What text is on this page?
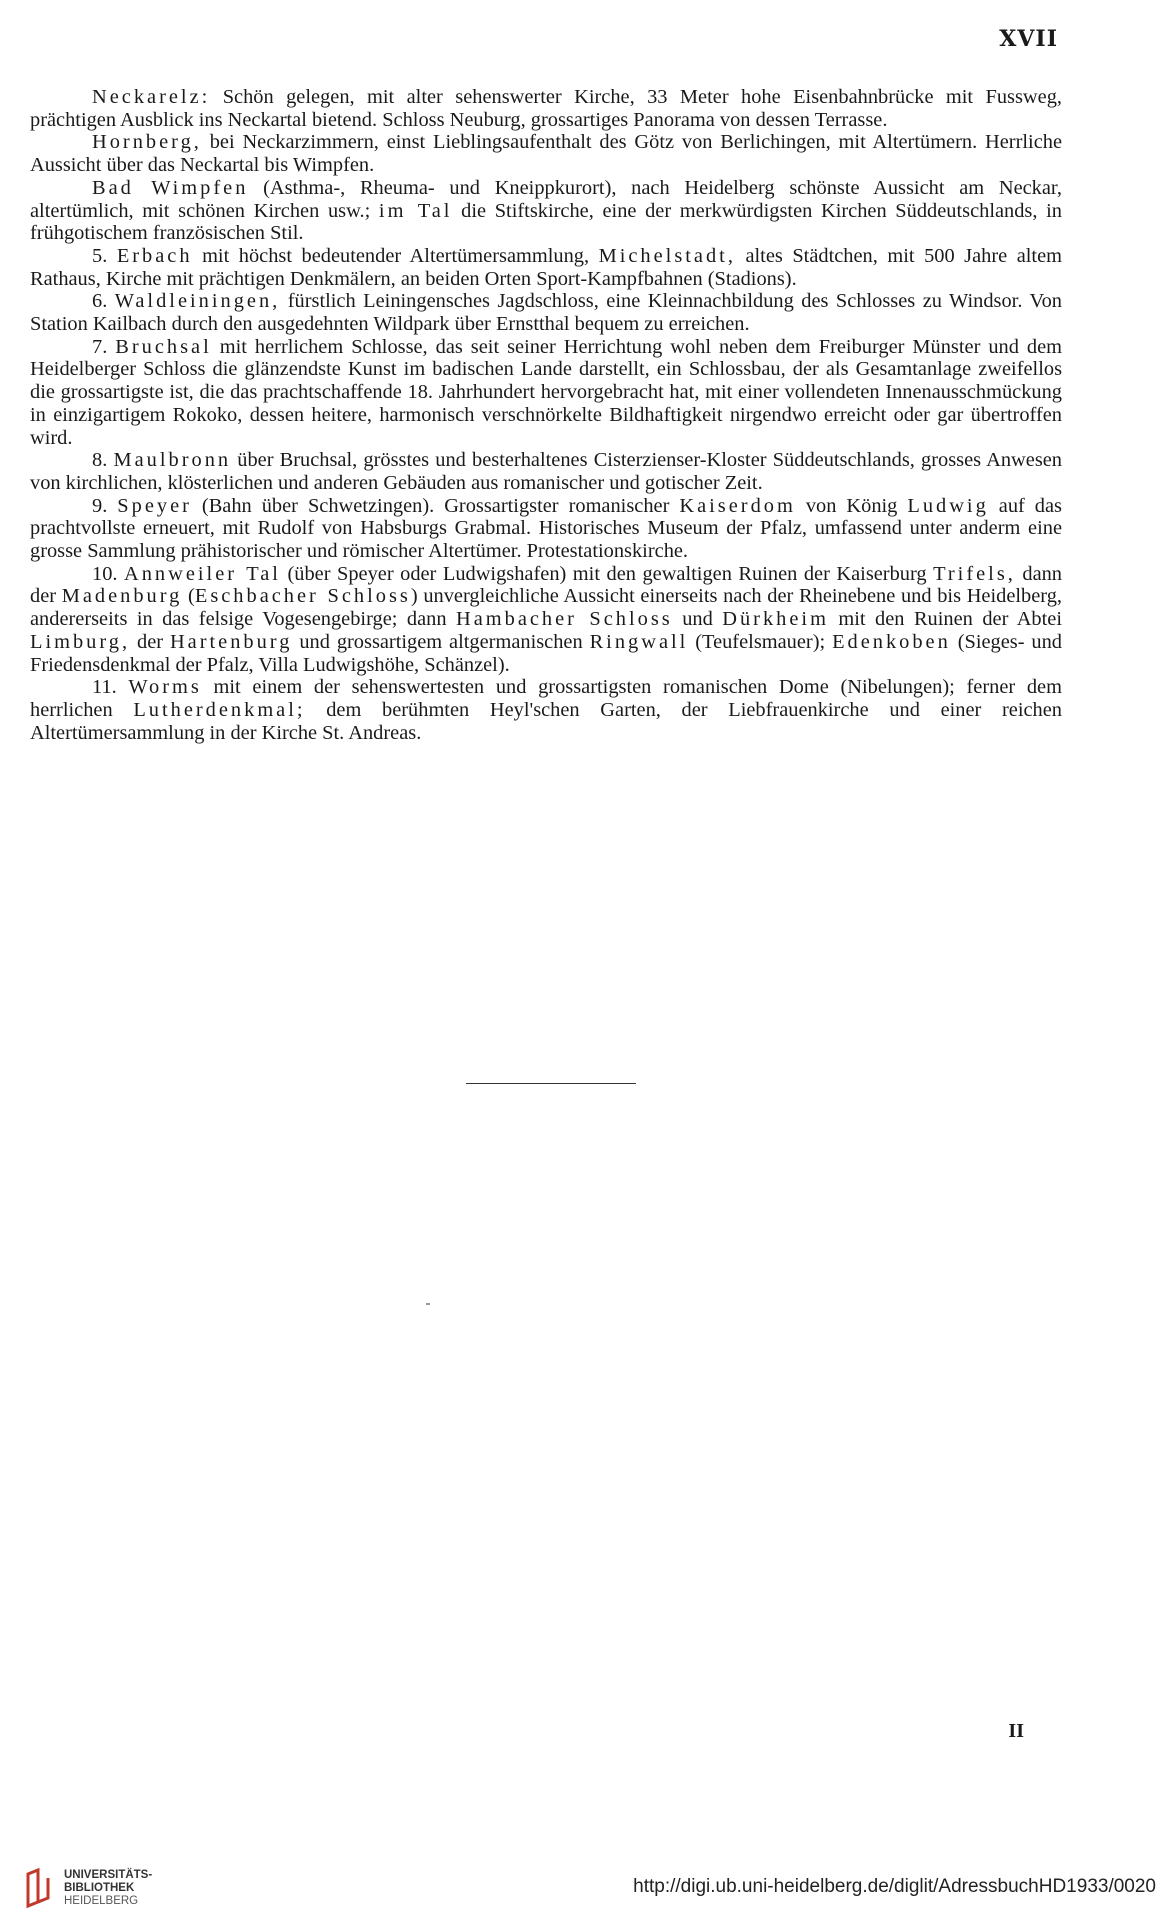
XVII

Neckarelz: Schön gelegen, mit alter sehenswerter Kirche, 33 Meter hohe Eisenbahnbrücke mit Fussweg, prächtigen Ausblick ins Neckartal bietend. Schloss Neuburg, grossartiges Panorama von dessen Terrasse.

Hornberg, bei Neckarzimmern, einst Lieblingsaufenthalt des Götz von Berlichingen, mit Altertümern. Herrliche Aussicht über das Neckartal bis Wimpfen.

Bad Wimpfen (Asthma-, Rheuma- und Kneippkurort), nach Heidelberg schönste Aussicht am Neckar, altertümlich, mit schönen Kirchen usw.; im Tal die Stiftskirche, eine der merkwürdigsten Kirchen Süddeutschlands, in frühgotischem französischen Stil.

5. Erbach mit höchst bedeutender Altertümersammlung, Michelstadt, altes Städtchen, mit 500 Jahre altem Rathaus, Kirche mit prächtigen Denkmälern, an beiden Orten Sport-Kampfbahnen (Stadions).

6. Waldleiningen, fürstlich Leiningensches Jagdschloss, eine Kleinnachbildung des Schlosses zu Windsor. Von Station Kailbach durch den ausgedehnten Wildpark über Ernstthal bequem zu erreichen.

7. Bruchsal mit herrlichem Schlosse, das seit seiner Herrichtung wohl neben dem Freiburger Münster und dem Heidelberger Schloss die glänzendste Kunst im badischen Lande darstellt, ein Schlossbau, der als Gesamtanlage zweifellos die grossartigste ist, die das prachtschaffende 18. Jahrhundert hervorgebracht hat, mit einer vollendeten Innenausschmückung in einzigartigem Rokoko, dessen heitere, harmonisch verschnörkelte Bildhaftigkeit nirgendwo erreicht oder gar übertroffen wird.

8. Maulbronn über Bruchsal, grösstes und besterhaltenes Cisterzienser-Kloster Süddeutschlands, grosses Anwesen von kirchlichen, klösterlichen und anderen Gebäuden aus romanischer und gotischer Zeit.

9. Speyer (Bahn über Schwetzingen). Grossartigster romanischer Kaiserdom von König Ludwig auf das prachtvollste erneuert, mit Rudolf von Habsburgs Grabmal. Historisches Museum der Pfalz, umfassend unter anderm eine grosse Sammlung prähistorischer und römischer Altertümer. Protestationskirche.

10. Annweiler Tal (über Speyer oder Ludwigshafen) mit den gewaltigen Ruinen der Kaiserburg Trifels, dann der Madenburg (Eschbacher Schloss) unvergleichliche Aussicht einerseits nach der Rheinebene und bis Heidelberg, andererseits in das felsige Vogesengebirge; dann Hambacher Schloss und Dürkheim mit den Ruinen der Abtei Limburg, der Hartenburg und grossartigem altgermanischen Ringwall (Teufelsmauer); Edenkoben (Sieges- und Friedensdenkmal der Pfalz, Villa Ludwigshöhe, Schänzel).

11. Worms mit einem der sehenswertesten und grossartigsten romanischen Dome (Nibelungen); ferner dem herrlichen Lutherdenkmal; dem berühmten Heyl'schen Garten, der Liebfrauenkirche und einer reichen Altertümersammlung in der Kirche St. Andreas.

II
UNIVERSITÄTS-
BIBLIOTHEK
HEIDELBERG
http://digi.ub.uni-heidelberg.de/diglit/AdressbuchHD1933/0020
